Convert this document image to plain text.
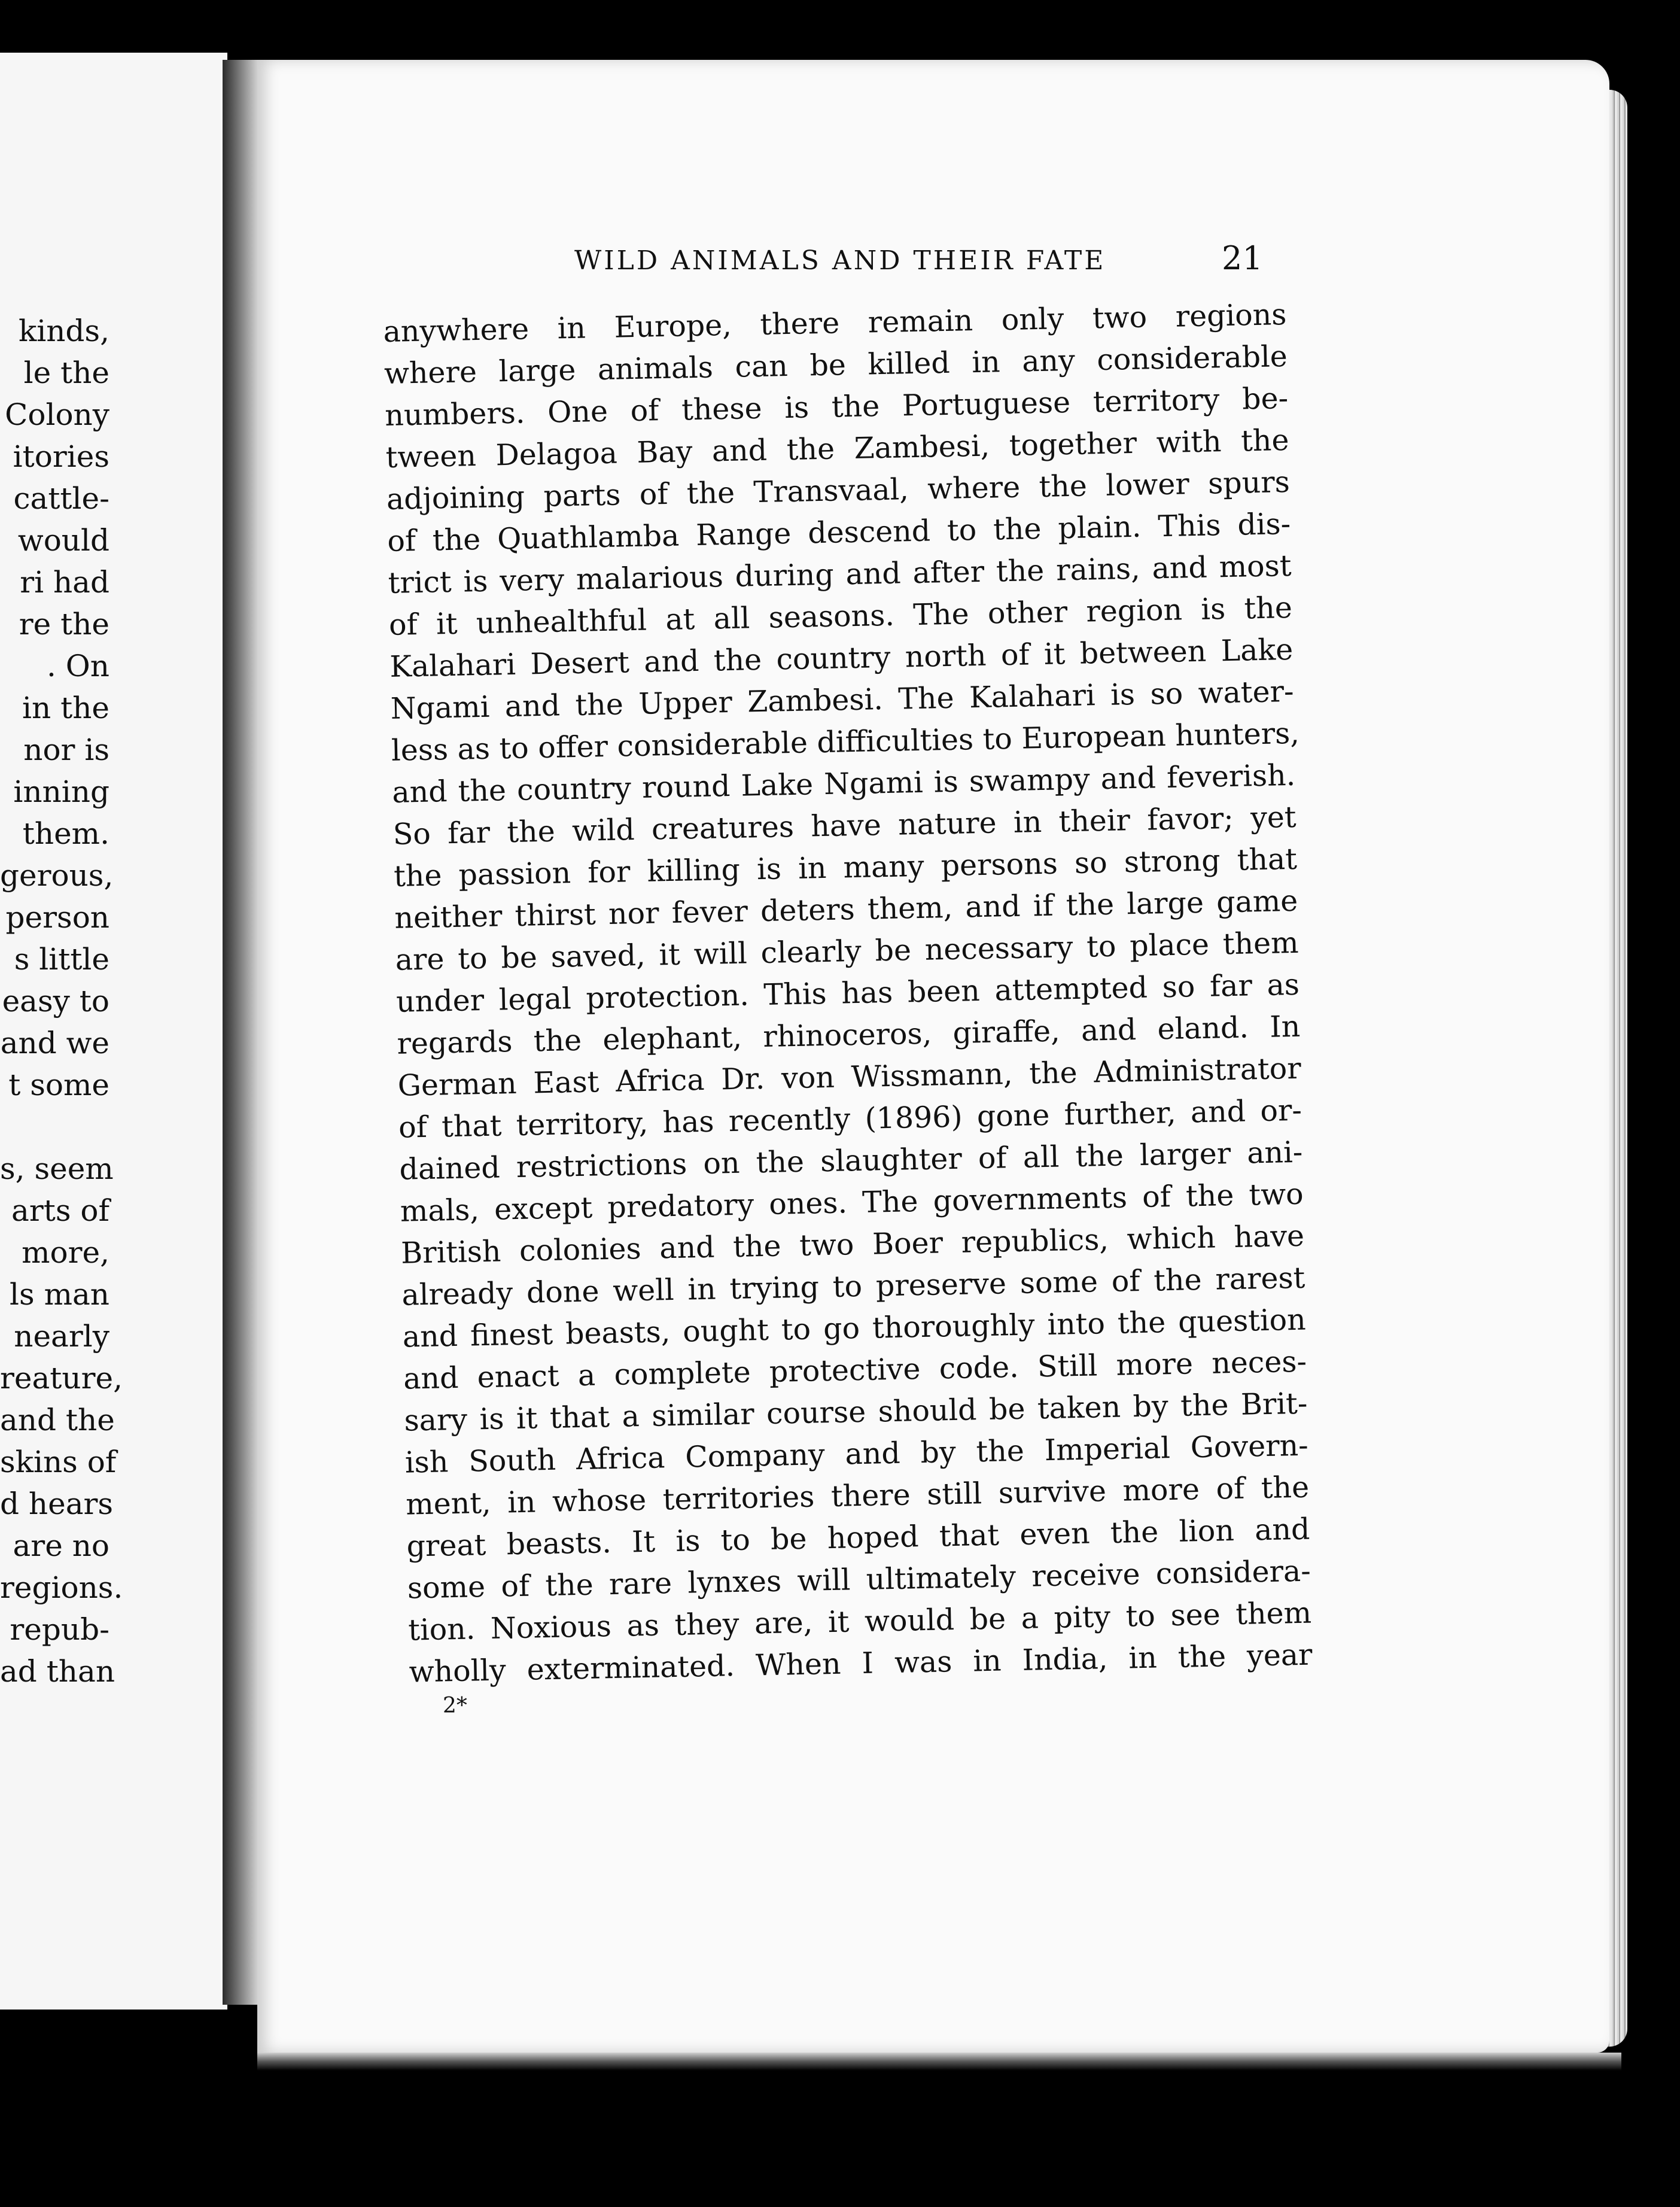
kinds,
le the
Colony
itories
cattle-
would
ri had
re the
. On
in the
nor is
inning
them.
gerous,
person
s little
easy to
and we
t some
s, seem
arts of
more,
ls man
nearly
reature,
and the
skins of
d hears
are no
regions.
repub-
ad than
WILD ANIMALS AND THEIR FATE	21
anywhere in Europe, there remain only two regions
where large animals can be killed in any considerable
numbers. One of these is the Portuguese territory be-
tween Delagoa Bay and the Zambesi, together with the
adjoining parts of the Transvaal, where the lower spurs
of the Quathlamba Range descend to the plain. This dis-
trict is very malarious during and after the rains, and most
of it unhealthful at all seasons. The other region is the
Kalahari Desert and the country north of it between Lake
Ngami and the Upper Zambesi. The Kalahari is so water-
less as to offer considerable difficulties to European hunters,
and the country round Lake Ngami is swampy and feverish.
So far the wild creatures have nature in their favor; yet
the passion for killing is in many persons so strong that
neither thirst nor fever deters them, and if the large game
are to be saved, it will clearly be necessary to place them
under legal protection. This has been attempted so far as
regards the elephant, rhinoceros, giraffe, and eland. In
German East Africa Dr. von Wissmann, the Administrator
of that territory, has recently (1896) gone further, and or-
dained restrictions on the slaughter of all the larger ani-
mals, except predatory ones. The governments of the two
British colonies and the two Boer republics, which have
already done well in trying to preserve some of the rarest
and finest beasts, ought to go thoroughly into the question
and enact a complete protective code. Still more neces-
sary is it that a similar course should be taken by the Brit-
ish South Africa Company and by the Imperial Govern-
ment, in whose territories there still survive more of the
great beasts. It is to be hoped that even the lion and
some of the rare lynxes will ultimately receive considera-
tion. Noxious as they are, it would be a pity to see them
wholly exterminated. When I was in India, in the year
2*
